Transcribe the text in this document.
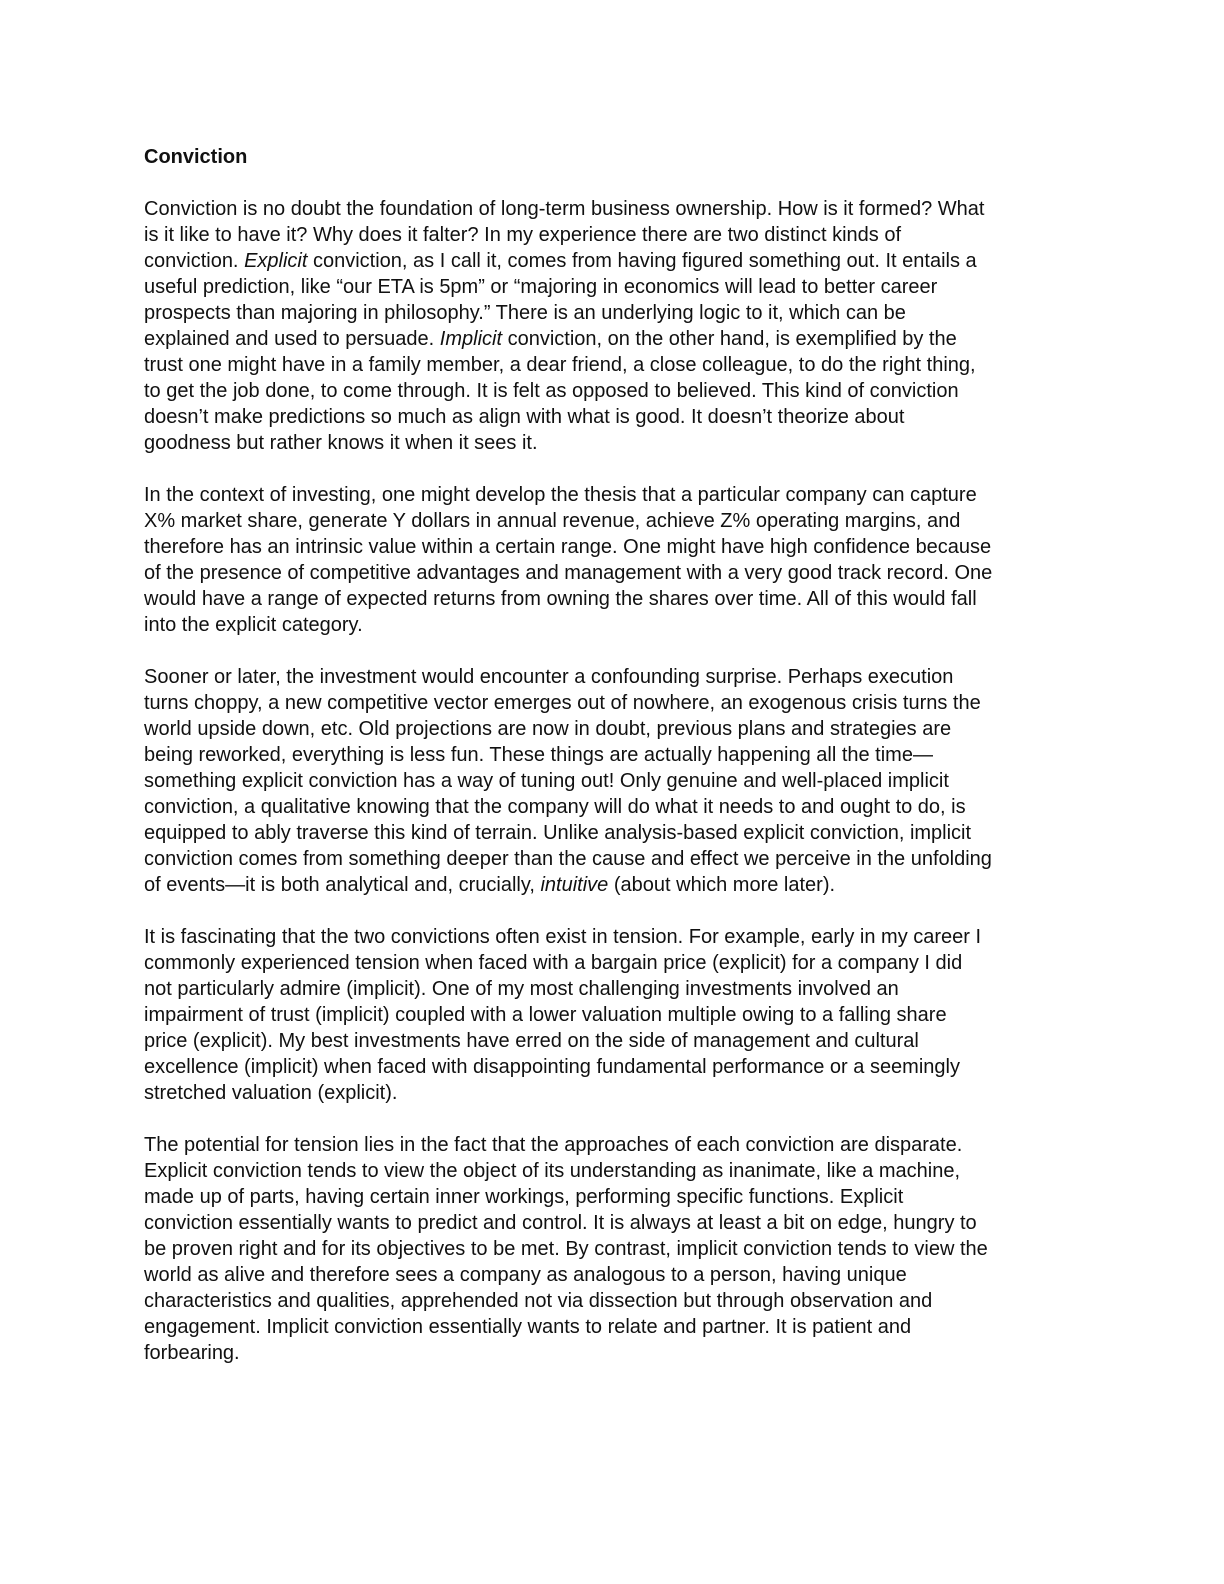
Conviction
Conviction is no doubt the foundation of long-term business ownership. How is it formed? What
is it like to have it? Why does it falter? In my experience there are two distinct kinds of
conviction. Explicit conviction, as I call it, comes from having figured something out. It entails a
useful prediction, like “our ETA is 5pm” or “majoring in economics will lead to better career
prospects than majoring in philosophy.” There is an underlying logic to it, which can be
explained and used to persuade. Implicit conviction, on the other hand, is exemplified by the
trust one might have in a family member, a dear friend, a close colleague, to do the right thing,
to get the job done, to come through. It is felt as opposed to believed. This kind of conviction
doesn’t make predictions so much as align with what is good. It doesn’t theorize about
goodness but rather knows it when it sees it.
In the context of investing, one might develop the thesis that a particular company can capture
X% market share, generate Y dollars in annual revenue, achieve Z% operating margins, and
therefore has an intrinsic value within a certain range. One might have high confidence because
of the presence of competitive advantages and management with a very good track record. One
would have a range of expected returns from owning the shares over time. All of this would fall
into the explicit category.
Sooner or later, the investment would encounter a confounding surprise. Perhaps execution
turns choppy, a new competitive vector emerges out of nowhere, an exogenous crisis turns the
world upside down, etc. Old projections are now in doubt, previous plans and strategies are
being reworked, everything is less fun. These things are actually happening all the time—
something explicit conviction has a way of tuning out! Only genuine and well-placed implicit
conviction, a qualitative knowing that the company will do what it needs to and ought to do, is
equipped to ably traverse this kind of terrain. Unlike analysis-based explicit conviction, implicit
conviction comes from something deeper than the cause and effect we perceive in the unfolding
of events—it is both analytical and, crucially, intuitive (about which more later).
It is fascinating that the two convictions often exist in tension. For example, early in my career I
commonly experienced tension when faced with a bargain price (explicit) for a company I did
not particularly admire (implicit). One of my most challenging investments involved an
impairment of trust (implicit) coupled with a lower valuation multiple owing to a falling share
price (explicit). My best investments have erred on the side of management and cultural
excellence (implicit) when faced with disappointing fundamental performance or a seemingly
stretched valuation (explicit).
The potential for tension lies in the fact that the approaches of each conviction are disparate.
Explicit conviction tends to view the object of its understanding as inanimate, like a machine,
made up of parts, having certain inner workings, performing specific functions. Explicit
conviction essentially wants to predict and control. It is always at least a bit on edge, hungry to
be proven right and for its objectives to be met. By contrast, implicit conviction tends to view the
world as alive and therefore sees a company as analogous to a person, having unique
characteristics and qualities, apprehended not via dissection but through observation and
engagement. Implicit conviction essentially wants to relate and partner. It is patient and
forbearing.
